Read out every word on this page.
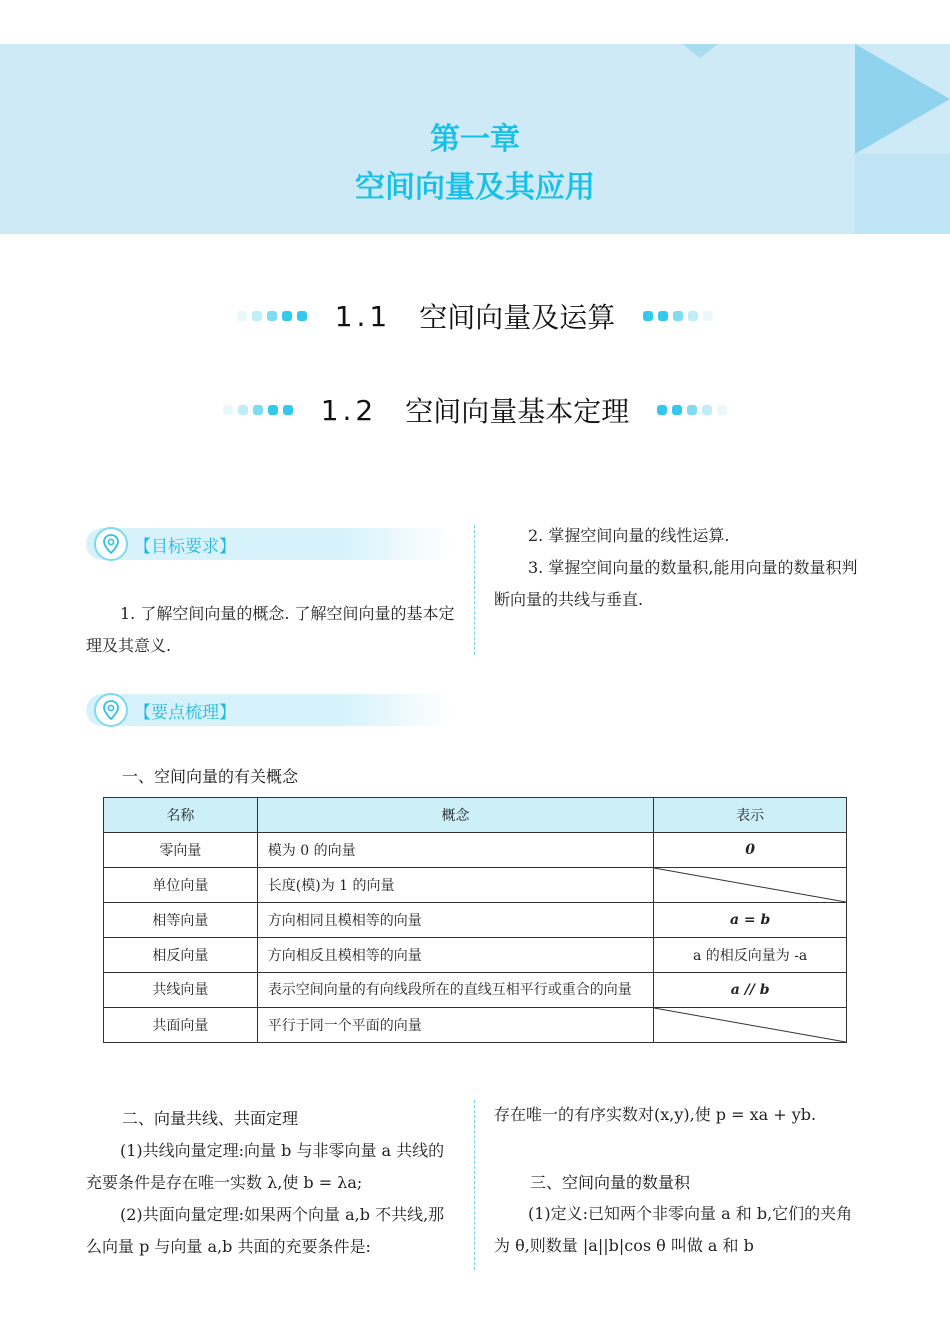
第一章
空间向量及其应用
1.1 空间向量及运算
1.2 空间向量基本定理
【目标要求】
1. 了解空间向量的概念. 了解空间向量的基本定理及其意义.
2. 掌握空间向量的线性运算.
3. 掌握空间向量的数量积,能用向量的数量积判断向量的共线与垂直.
【要点梳理】
一、空间向量的有关概念
名称	概念	表示
零向量	模为 0 的向量	0
单位向量	长度(模)为 1 的向量	

相等向量	方向相同且模相等的向量	a = b
相反向量	方向相反且模相等的向量	a 的相反向量为 -a
共线向量	表示空间向量的有向线段所在的直线互相平行或重合的向量	a // b
共面向量	平行于同一个平面的向量	
二、向量共线、共面定理
(1)共线向量定理:向量 b 与非零向量 a 共线的充要条件是存在唯一实数 λ,使 b = λa;
(2)共面向量定理:如果两个向量 a,b 不共线,那么向量 p 与向量 a,b 共面的充要条件是:
存在唯一的有序实数对(x,y),使 p = xa + yb.
三、空间向量的数量积
(1)定义:已知两个非零向量 a 和 b,它们的夹角为 θ,则数量 |a||b|cos θ 叫做 a 和 b
